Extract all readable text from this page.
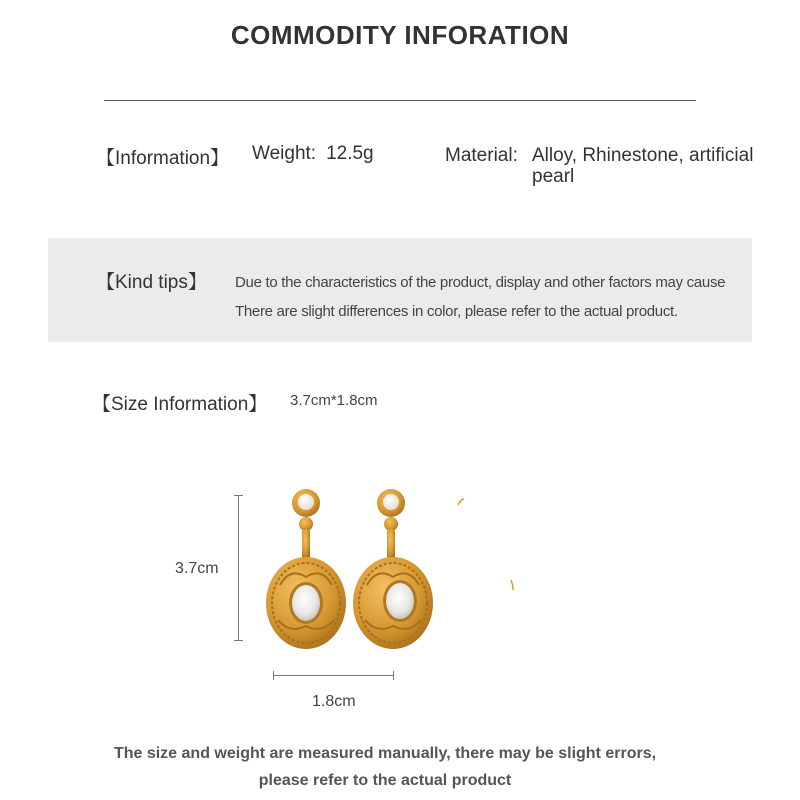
COMMODITY INFORATION
【Information】 Weight: 12.5g	Material: Alloy, Rhinestone, artificial pearl
【Kind tips】 Due to the characteristics of the product, display and other factors may cause
There are slight differences in color, please refer to the actual product.
【Size Information】 3.7cm*1.8cm
3.7cm
1.8cm
The size and weight are measured manually, there may be slight errors,
please refer to the actual product
